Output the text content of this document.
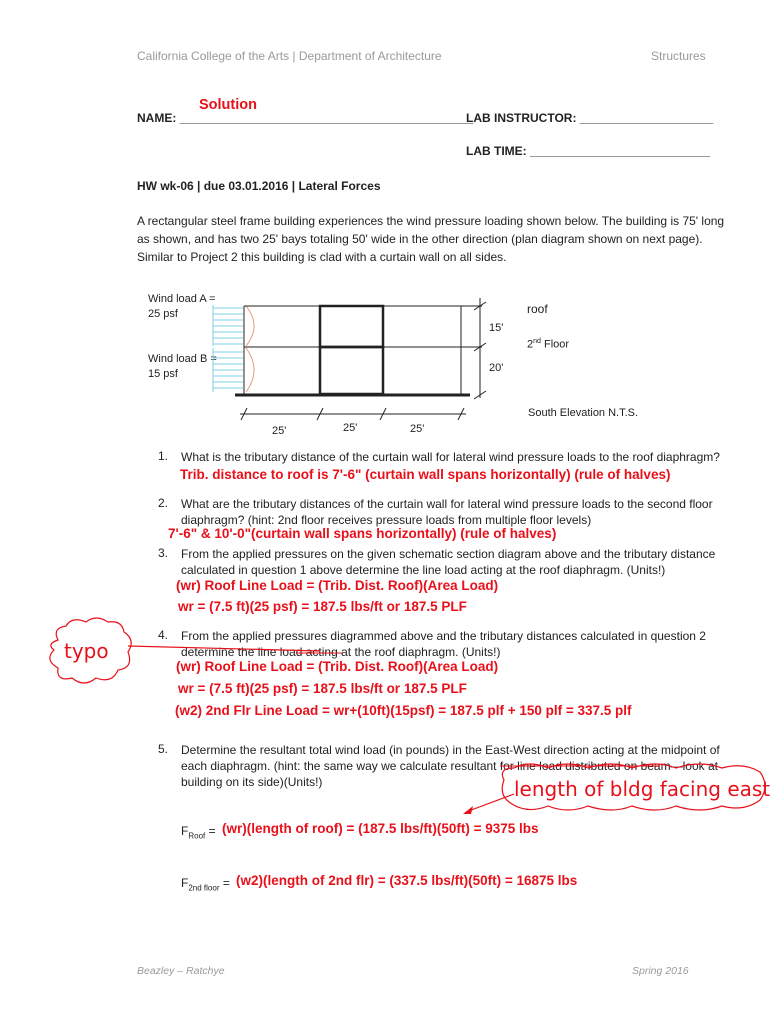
California College of the Arts | Department of Architecture	Structures
Solution
NAME: ____________________________________________
LAB INSTRUCTOR: ____________________
LAB TIME: ___________________________
HW wk-06 | due 03.01.2016 | Lateral Forces
A rectangular steel frame building experiences the wind pressure loading shown below. The building is 75' long
as shown, and has two 25' bays totaling 50' wide in the other direction (plan diagram shown on next page).
Similar to Project 2 this building is clad with a curtain wall on all sides.
Wind load A =
25 psf
Wind load B =
15 psf
roof
15'
2nd Floor
20'
South Elevation N.T.S.
25'	25'	25'
1. What is the tributary distance of the curtain wall for lateral wind pressure loads to the roof diaphragm?
Trib. distance to roof is 7'-6" (curtain wall spans horizontally) (rule of halves)
2. What are the tributary distances of the curtain wall for lateral wind pressure loads to the second floor
diaphragm? (hint: 2nd floor receives pressure loads from multiple floor levels)
7'-6" & 10'-0"(curtain wall spans horizontally) (rule of halves)
3. From the applied pressures on the given schematic section diagram above and the tributary distance
calculated in question 1 above determine the line load acting at the roof diaphragm. (Units!)
(wr) Roof Line Load = (Trib. Dist. Roof)(Area Load)
wr = (7.5 ft)(25 psf) = 187.5 lbs/ft or 187.5 PLF
4. From the applied pressures diagrammed above and the tributary distances calculated in question 2
determine the line load acting at the roof diaphragm. (Units!)
(wr) Roof Line Load = (Trib. Dist. Roof)(Area Load)
wr = (7.5 ft)(25 psf) = 187.5 lbs/ft or 187.5 PLF
(w2) 2nd Flr Line Load = wr+(10ft)(15psf) = 187.5 plf + 150 plf = 337.5 plf
5. Determine the resultant total wind load (in pounds) in the East-West direction acting at the midpoint of
each diaphragm. (hint: the same way we calculate resultant for line load distributed on beam—look at
building on its side)(Units!)
$F_{Roof}$ = (wr)(length of roof) = (187.5 lbs/ft)(50ft) = 9375 lbs
$F_{2nd floor}$ = (w2)(length of 2nd flr) = (337.5 lbs/ft)(50ft) = 16875 lbs
typo
length of bldg facing east
Beazley – Ratchye	Spring 2016
